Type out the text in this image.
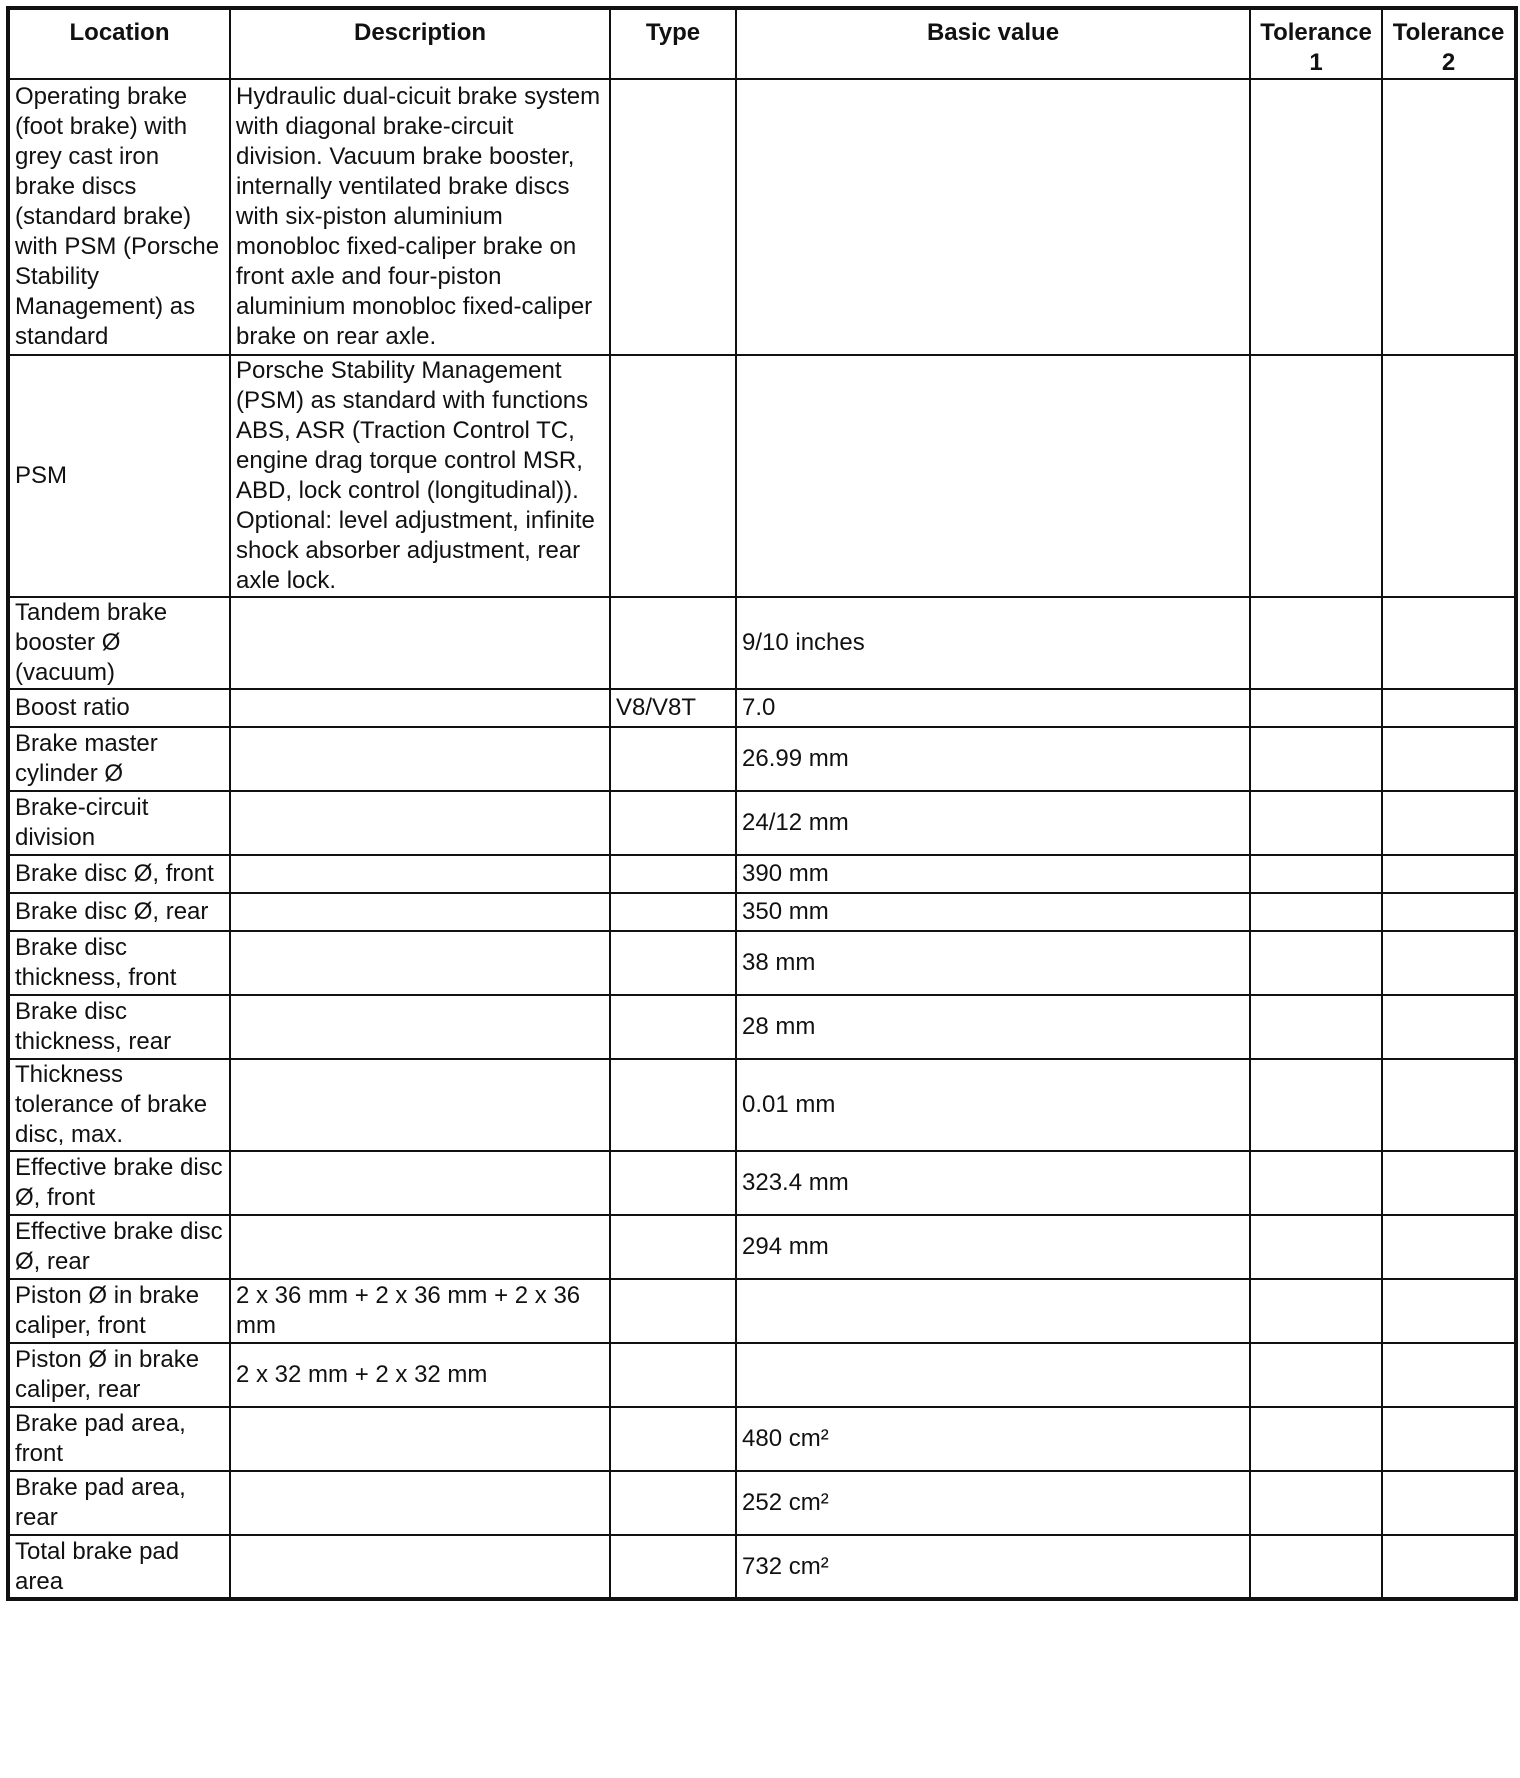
Location	Description	Type	Basic value	Tolerance 1	Tolerance 2

Operating brake (foot brake) with grey cast iron brake discs (standard brake) with PSM (Porsche Stability Management) as standard	Hydraulic dual-cicuit brake system with diagonal brake-circuit division. Vacuum brake booster, internally ventilated brake discs with six-piston aluminium monobloc fixed-caliper brake on front axle and four-piston aluminium monobloc fixed-caliper brake on rear axle.				
PSM	Porsche Stability Management (PSM) as standard with functions ABS, ASR (Traction Control TC, engine drag torque control MSR, ABD, lock control (longitudinal)). Optional: level adjustment, infinite shock absorber adjustment, rear axle lock.				
Tandem brake booster Ø (vacuum)			9/10 inches		
Boost ratio		V8/V8T	7.0		
Brake master cylinder Ø			26.99 mm		
Brake-circuit division			24/12 mm		
Brake disc Ø, front			390 mm		
Brake disc Ø, rear			350 mm		
Brake disc thickness, front			38 mm		
Brake disc thickness, rear			28 mm		
Thickness tolerance of brake disc, max.			0.01 mm		
Effective brake disc Ø, front			323.4 mm		
Effective brake disc Ø, rear			294 mm		
Piston Ø in brake caliper, front	2 x 36 mm + 2 x 36 mm + 2 x 36 mm				
Piston Ø in brake caliper, rear	2 x 32 mm + 2 x 32 mm				
Brake pad area, front			480 cm²		
Brake pad area, rear			252 cm²		
Total brake pad area			732 cm²		
